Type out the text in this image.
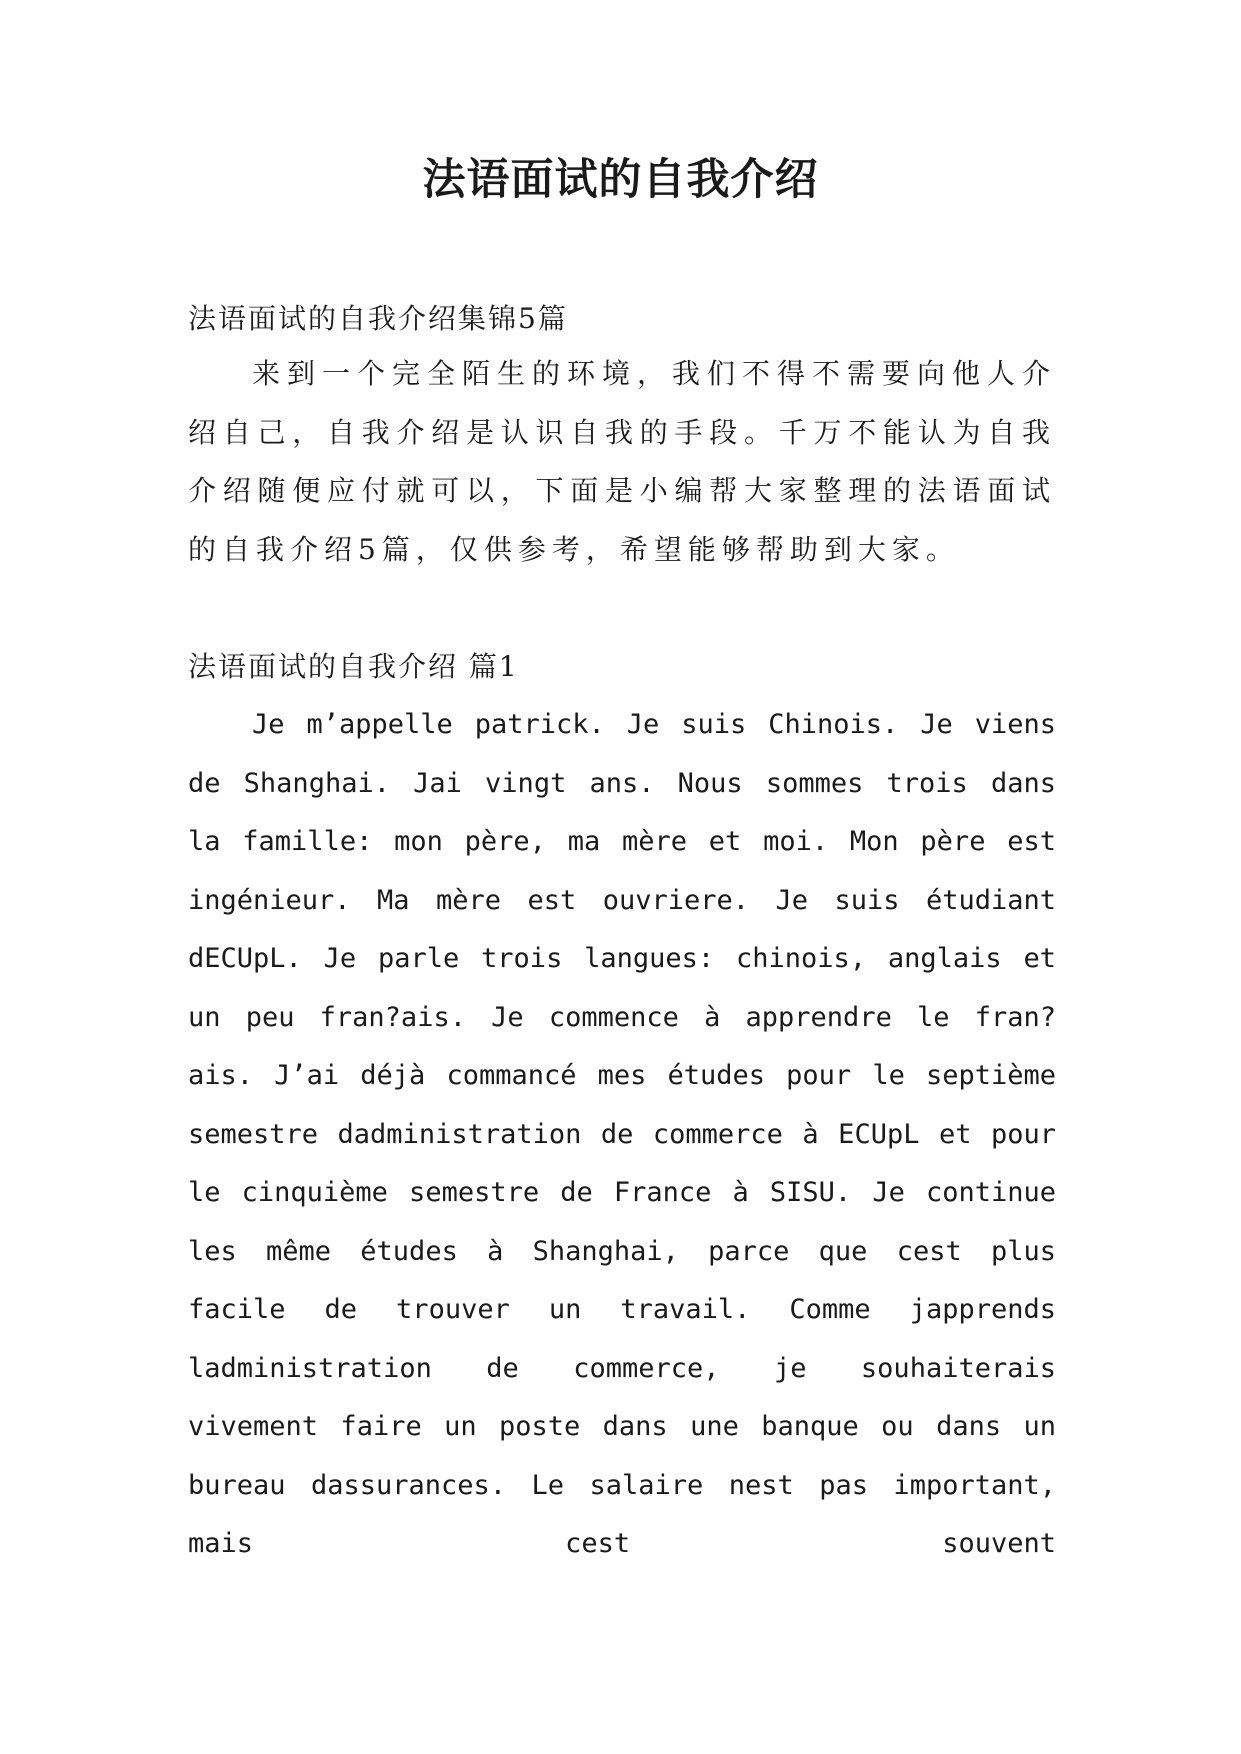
法语面试的自我介绍

法语面试的自我介绍集锦5篇

来到一个完全陌生的环境，我们不得不需要向他人介绍自己，自我介绍是认识自我的手段。千万不能认为自我介绍随便应付就可以，下面是小编帮大家整理的法语面试的自我介绍5篇，仅供参考，希望能够帮助到大家。

法语面试的自我介绍 篇1

Je m’appelle patrick. Je suis Chinois. Je viens de Shanghai. Jai vingt ans. Nous sommes trois dans la famille: mon père, ma mère et moi. Mon père est ingénieur. Ma mère est ouvriere. Je suis étudiant dECUpL. Je parle trois langues: chinois, anglais et un peu fran?ais. Je commence à apprendre le fran?ais. J’ai déjà commancé mes études pour le septième semestre dadministration de commerce à ECUpL et pour le cinquième semestre de France à SISU. Je continue les même études à Shanghai, parce que cest plus facile de trouver un travail. Comme japprends ladministration de commerce, je souhaiterais vivement faire un poste dans une banque ou dans un bureau dassurances. Le salaire nest pas important, mais cest souvent
